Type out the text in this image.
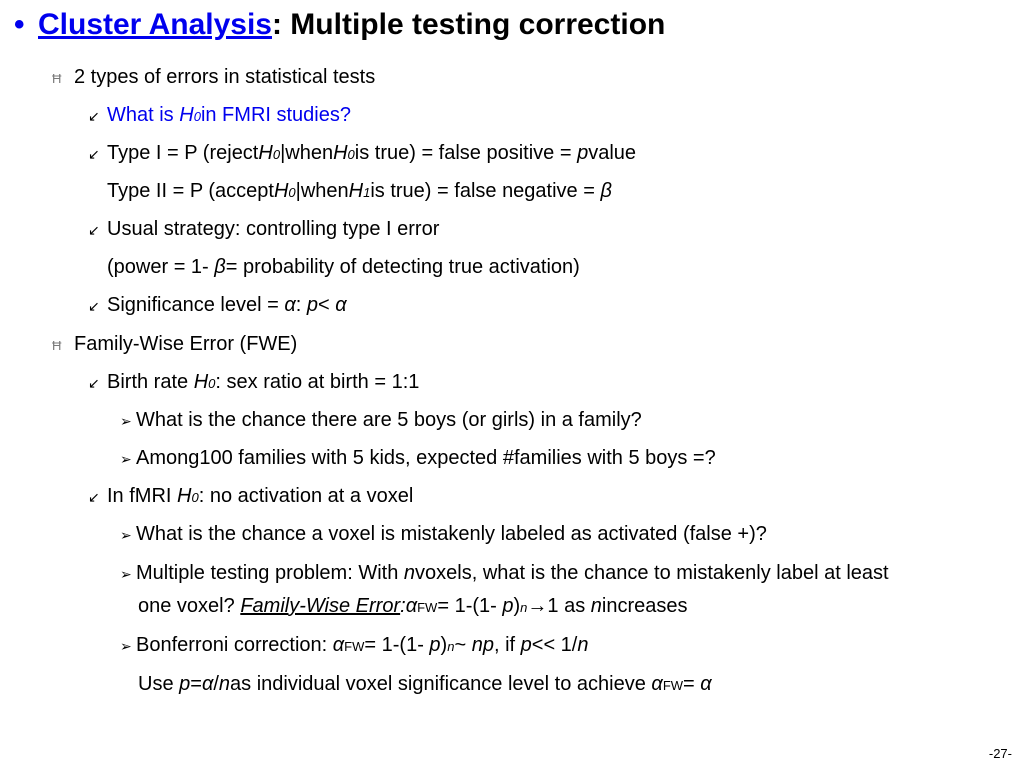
• Cluster Analysis : Multiple testing correction
Ħ 2 types of errors in statistical tests
↙ What is
H 0 in FMRI studies?
↙ Type I = P (reject H 0 |when H 0 is true) = false positive =
p value
Type II = P (accept H 0 |when H 1 is true) = false negative =
β
↙ Usual strategy: controlling type I error
(power = 1-
β = probability of detecting true activation)
↙ Significance level =
α :
p <
α
Ħ Family-Wise Error (FWE)
↙ Birth rate
H 0 : sex ratio at birth = 1:1
➢ What is the chance there are 5 boys (or girls) in a family?
➢ Among100 families with 5 kids, expected #families with 5 boys =?
↙ In fMRI
H 0 : no activation at a voxel
➢ What is the chance a voxel is mistakenly labeled as activated (false +)?
➢ Multiple testing problem: With
n voxels, what is the chance to mistakenly label at least
one voxel?
Family-Wise Error : α FW = 1-(1-
p ) n →1 as
n increases
➢ Bonferroni correction:
α FW = 1-(1-
p ) n ~
np , if
p << 1/ n
Use
p = α / n as individual voxel significance level to achieve
α FW =
α
-27-
